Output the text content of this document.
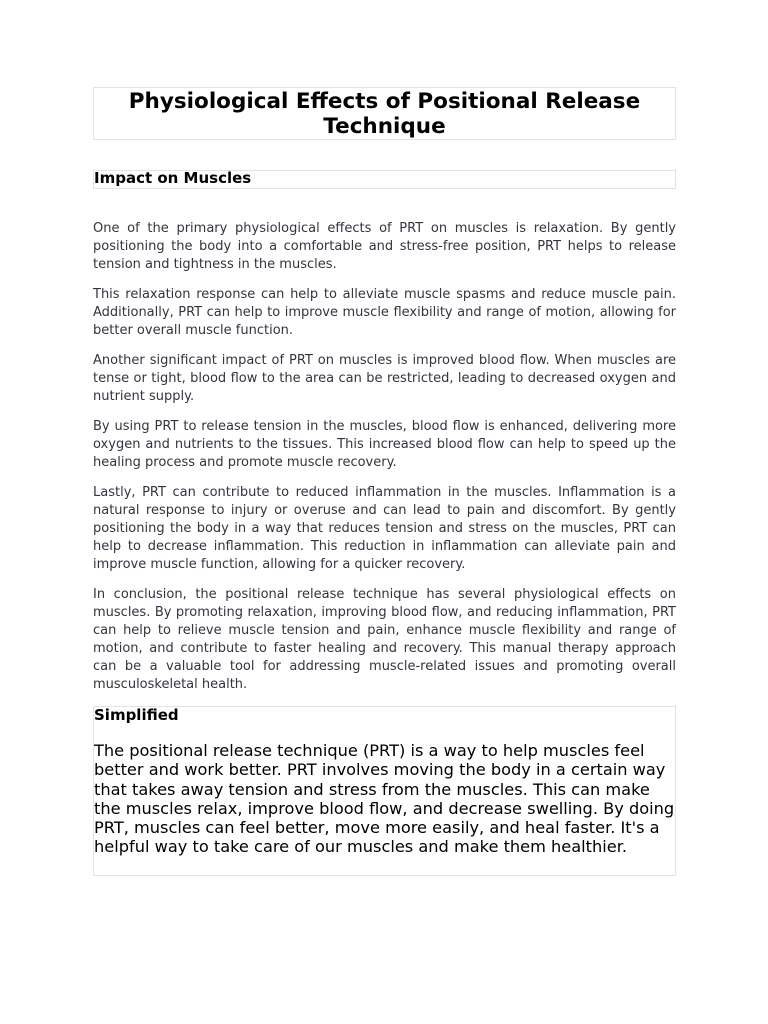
Physiological Effects of Positional Release Technique
Impact on Muscles

One of the primary physiological effects of PRT on muscles is relaxation. By gently positioning the body into a comfortable and stress-free position, PRT helps to release tension and tightness in the muscles.

This relaxation response can help to alleviate muscle spasms and reduce muscle pain. Additionally, PRT can help to improve muscle flexibility and range of motion, allowing for better overall muscle function.

Another significant impact of PRT on muscles is improved blood flow. When muscles are tense or tight, blood flow to the area can be restricted, leading to decreased oxygen and nutrient supply.

By using PRT to release tension in the muscles, blood flow is enhanced, delivering more oxygen and nutrients to the tissues. This increased blood flow can help to speed up the healing process and promote muscle recovery.

Lastly, PRT can contribute to reduced inflammation in the muscles. Inflammation is a natural response to injury or overuse and can lead to pain and discomfort. By gently positioning the body in a way that reduces tension and stress on the muscles, PRT can help to decrease inflammation. This reduction in inflammation can alleviate pain and improve muscle function, allowing for a quicker recovery.

In conclusion, the positional release technique has several physiological effects on muscles. By promoting relaxation, improving blood flow, and reducing inflammation, PRT can help to relieve muscle tension and pain, enhance muscle flexibility and range of motion, and contribute to faster healing and recovery. This manual therapy approach can be a valuable tool for addressing muscle-related issues and promoting overall musculoskeletal health.

Simplified

The positional release technique (PRT) is a way to help muscles feel better and work better. PRT involves moving the body in a certain way that takes away tension and stress from the muscles. This can make the muscles relax, improve blood flow, and decrease swelling. By doing PRT, muscles can feel better, move more easily, and heal faster. It's a helpful way to take care of our muscles and make them healthier.
